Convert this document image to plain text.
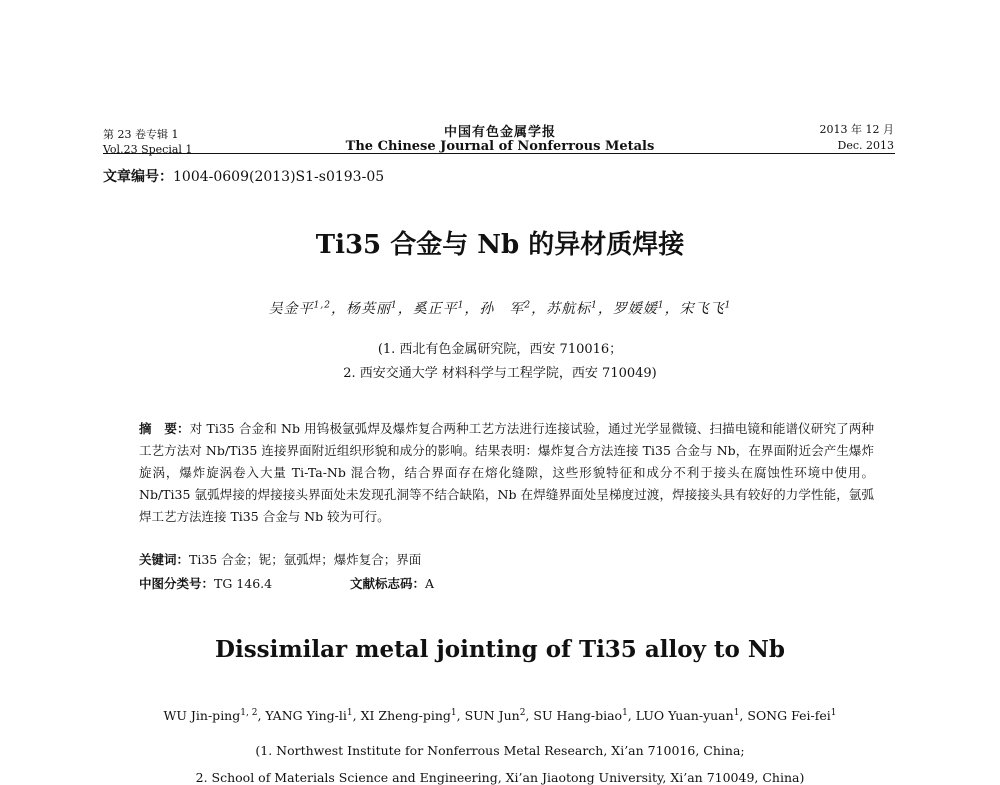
第 23 卷专辑 1
Vol.23 Special 1
中国有色金属学报
The Chinese Journal of Nonferrous Metals
2013 年 12 月
Dec. 2013
文章编号：1004-0609(2013)S1-s0193-05
Ti35 合金与 Nb 的异材质焊接
吴金平$^{1,2}$，杨英丽$^1$，奚正平$^1$，孙　军$^2$，苏航标$^1$，罗媛媛$^1$，宋飞飞$^1$
(1. 西北有色金属研究院，西安 710016；
2. 西安交通大学 材料科学与工程学院，西安 710049)
摘　要：对 Ti35 合金和 Nb 用钨极氩弧焊及爆炸复合两种工艺方法进行连接试验，通过光学显微镜、扫描电镜和能谱仪研究了两种工艺方法对 Nb/Ti35 连接界面附近组织形貌和成分的影响。结果表明：爆炸复合方法连接 Ti35 合金与 Nb，在界面附近会产生爆炸旋涡，爆炸旋涡卷入大量 Ti-Ta-Nb 混合物，结合界面存在熔化缝隙，这些形貌特征和成分不利于接头在腐蚀性环境中使用。Nb/Ti35 氩弧焊接的焊接接头界面处未发现孔洞等不结合缺陷，Nb 在焊缝界面处呈梯度过渡，焊接接头具有较好的力学性能，氩弧焊工艺方法连接 Ti35 合金与 Nb 较为可行。
关键词：Ti35 合金；铌；氩弧焊；爆炸复合；界面
中图分类号：TG 146.4	文献标志码：A
Dissimilar metal jointing of Ti35 alloy to Nb
WU Jin-ping$^{1, 2}$, YANG Ying-$li^1$, XI Zheng-ping$^1$, SUN Jun$^2$, SU Hang-biao$^1$, LUO Yuan-yuan$^1$, SONG Fei-fei$^1$
(1. Northwest Institute for Nonferrous Metal Research, Xi’an 710016, China;
2. School of Materials Science and Engineering, Xi’an Jiaotong University, Xi’an 710049, China)
